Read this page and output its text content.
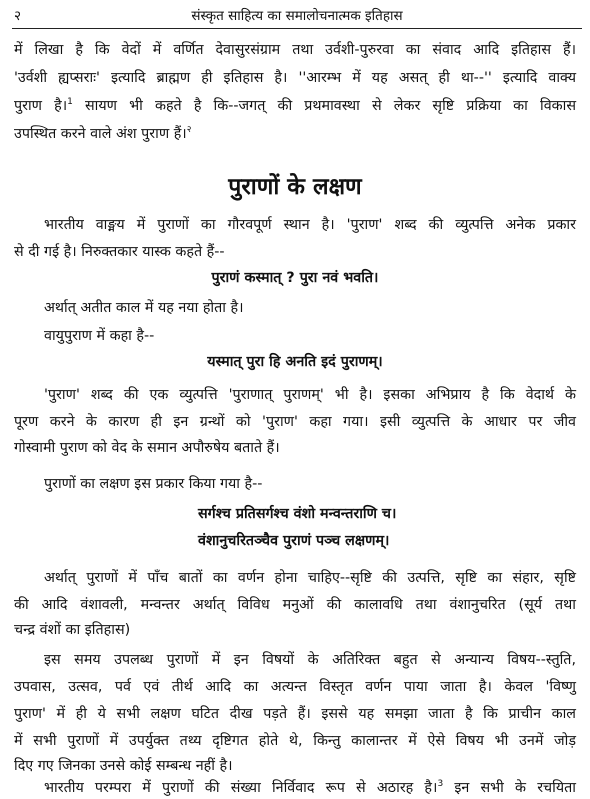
२	संस्कृत साहित्य का समालोचनात्मक इतिहास
में लिखा है कि वेदों में वर्णित देवासुरसंग्राम तथा उर्वशी-पुरुरवा का संवाद आदि इतिहास हैं।
'उर्वशी ह्यप्सराः' इत्यादि ब्राह्मण ही इतिहास है। ''आरम्भ में यह असत् ही था--'' इत्यादि वाक्य
पुराण है।$^1$ सायण भी कहते है कि--जगत् की प्रथमावस्था से लेकर सृष्टि प्रक्रिया का विकास
उपस्थित करने वाले अंश पुराण हैं।$^२$
पुराणों के लक्षण
भारतीय वाङ्मय में पुराणों का गौरवपूर्ण स्थान है। 'पुराण' शब्द की व्युत्पत्ति अनेक प्रकार
से दी गई है। निरुक्तकार यास्क कहते हैं--
पुराणं कस्मात् ? पुरा नवं भवति।
अर्थात् अतीत काल में यह नया होता है।
वायुपुराण में कहा है--
यस्मात् पुरा हि अनति इदं पुराणम्।
'पुराण' शब्द की एक व्युत्पत्ति 'पुराणात् पुराणम्' भी है। इसका अभिप्राय है कि वेदार्थ के
पूरण करने के कारण ही इन ग्रन्थों को 'पुराण' कहा गया। इसी व्युत्पत्ति के आधार पर जीव
गोस्वामी पुराण को वेद के समान अपौरुषेय बताते हैं।
पुराणों का लक्षण इस प्रकार किया गया है--
सर्गश्च प्रतिसर्गश्च वंशो मन्वन्तराणि च।
वंशानुचरितञ्चैव पुराणं पञ्च लक्षणम्।
अर्थात् पुराणों में पाँच बातों का वर्णन होना चाहिए--सृष्टि की उत्पत्ति, सृष्टि का संहार, सृष्टि
की आदि वंशावली, मन्वन्तर अर्थात् विविध मनुओं की कालावधि तथा वंशानुचरित (सूर्य तथा
चन्द्र वंशों का इतिहास)
इस समय उपलब्ध पुराणों में इन विषयों के अतिरिक्त बहुत से अन्यान्य विषय--स्तुति,
उपवास, उत्सव, पर्व एवं तीर्थ आदि का अत्यन्त विस्तृत वर्णन पाया जाता है। केवल 'विष्णु
पुराण' में ही ये सभी लक्षण घटित दीख पड़ते हैं। इससे यह समझा जाता है कि प्राचीन काल
में सभी पुराणों में उपर्युक्त तथ्य दृष्टिगत होते थे, किन्तु कालान्तर में ऐसे विषय भी उनमें जोड़
दिए गए जिनका उनसे कोई सम्बन्ध नहीं है।
भारतीय परम्परा में पुराणों की संख्या निर्विवाद रूप से अठारह है।$^3$ इन सभी के रचयिता
